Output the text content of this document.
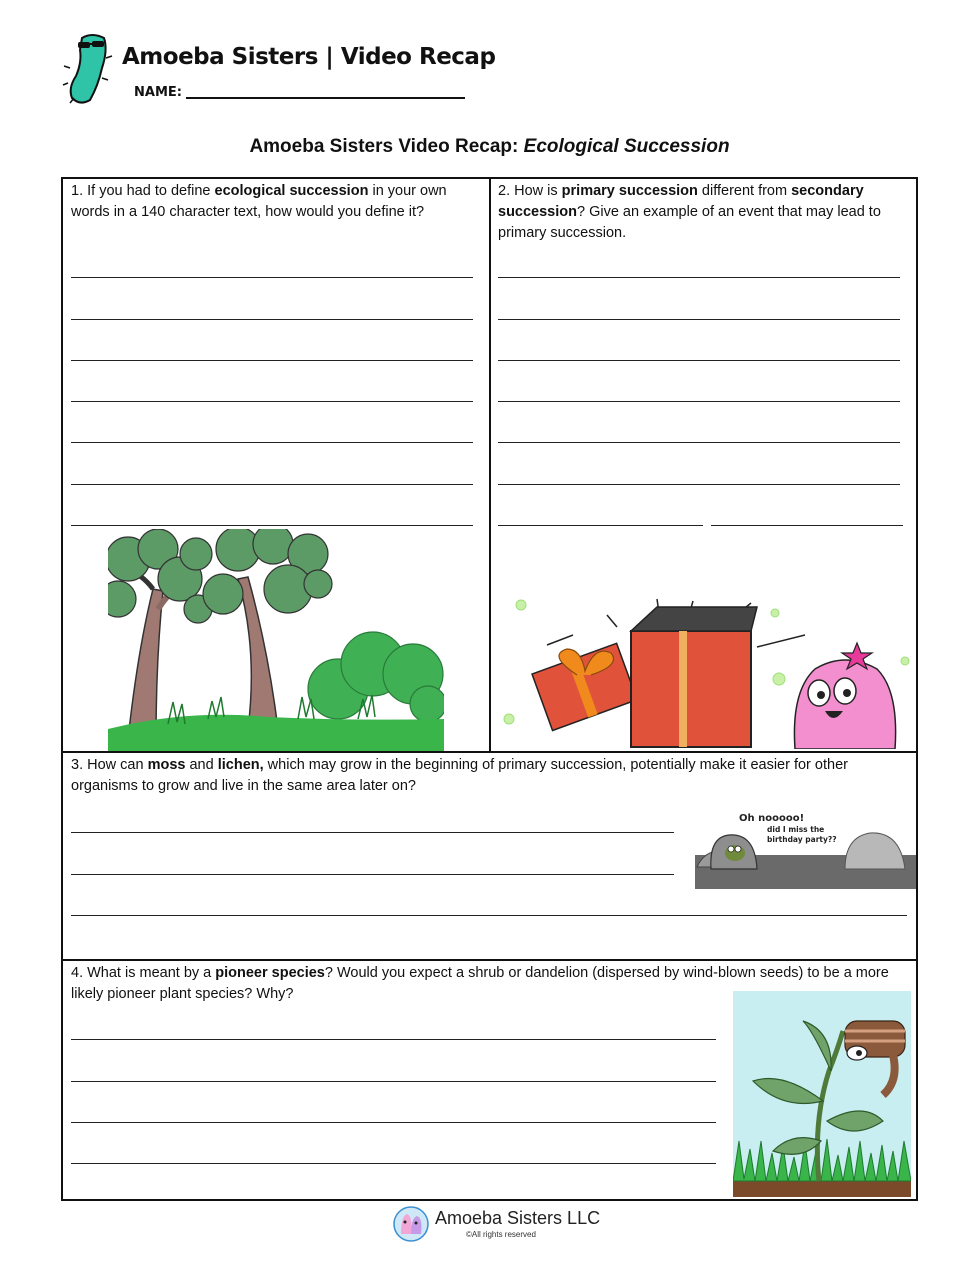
Amoeba Sisters | Video Recap
NAME:
Amoeba Sisters Video Recap: Ecological Succession
1. If you had to define ecological succession in your own words in a 140 character text, how would you define it?
2. How is primary succession different from secondary succession? Give an example of an event that may lead to primary succession.
3. How can moss and lichen, which may grow in the beginning of primary succession, potentially make it easier for other organisms to grow and live in the same area later on?
Oh nooooo!
did I miss the
birthday party??
4. What is meant by a pioneer species? Would you expect a shrub or dandelion (dispersed by wind-blown seeds) to be a more likely pioneer plant species? Why?
Amoeba Sisters LLC
©All rights reserved
